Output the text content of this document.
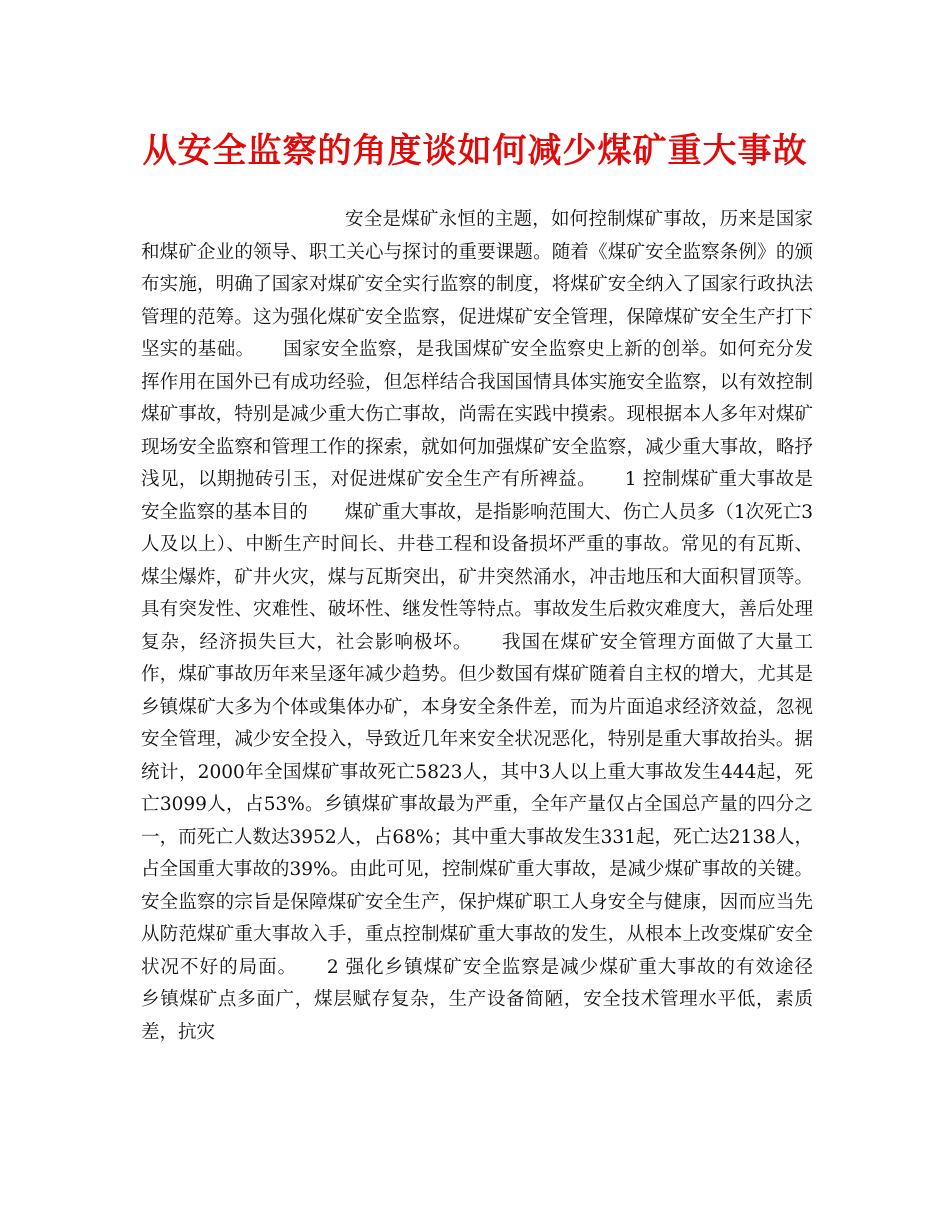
从安全监察的角度谈如何减少煤矿重大事故

安全是煤矿永恒的主题，如何控制煤矿事故，历来是国家和煤矿企业的领导、职工关心与探讨的重要课题。随着《煤矿安全监察条例》的颁布实施，明确了国家对煤矿安全实行监察的制度，将煤矿安全纳入了国家行政执法管理的范筹。这为强化煤矿安全监察，促进煤矿安全管理，保障煤矿安全生产打下坚实的基础。　　国家安全监察，是我国煤矿安全监察史上新的创举。如何充分发挥作用在国外已有成功经验，但怎样结合我国国情具体实施安全监察，以有效控制煤矿事故，特别是减少重大伤亡事故，尚需在实践中摸索。现根据本人多年对煤矿现场安全监察和管理工作的探索，就如何加强煤矿安全监察，减少重大事故，略抒浅见，以期抛砖引玉，对促进煤矿安全生产有所裨益。　　1 控制煤矿重大事故是安全监察的基本目的　　煤矿重大事故，是指影响范围大、伤亡人员多（1次死亡3人及以上）、中断生产时间长、井巷工程和设备损坏严重的事故。常见的有瓦斯、煤尘爆炸，矿井火灾，煤与瓦斯突出，矿井突然涌水，冲击地压和大面积冒顶等。具有突发性、灾难性、破坏性、继发性等特点。事故发生后救灾难度大，善后处理复杂，经济损失巨大，社会影响极坏。　　我国在煤矿安全管理方面做了大量工作，煤矿事故历年来呈逐年减少趋势。但少数国有煤矿随着自主权的增大，尤其是乡镇煤矿大多为个体或集体办矿，本身安全条件差，而为片面追求经济效益，忽视安全管理，减少安全投入，导致近几年来安全状况恶化，特别是重大事故抬头。据统计，2000年全国煤矿事故死亡5823人，其中3人以上重大事故发生444起，死亡3099人，占53%。乡镇煤矿事故最为严重，全年产量仅占全国总产量的四分之一，而死亡人数达3952人，占68%；其中重大事故发生331起，死亡达2138人，占全国重大事故的39%。由此可见，控制煤矿重大事故，是减少煤矿事故的关键。安全监察的宗旨是保障煤矿安全生产，保护煤矿职工人身安全与健康，因而应当先从防范煤矿重大事故入手，重点控制煤矿重大事故的发生，从根本上改变煤矿安全状况不好的局面。　　2 强化乡镇煤矿安全监察是减少煤矿重大事故的有效途径　　乡镇煤矿点多面广，煤层赋存复杂，生产设备简陋，安全技术管理水平低，素质差，抗灾
